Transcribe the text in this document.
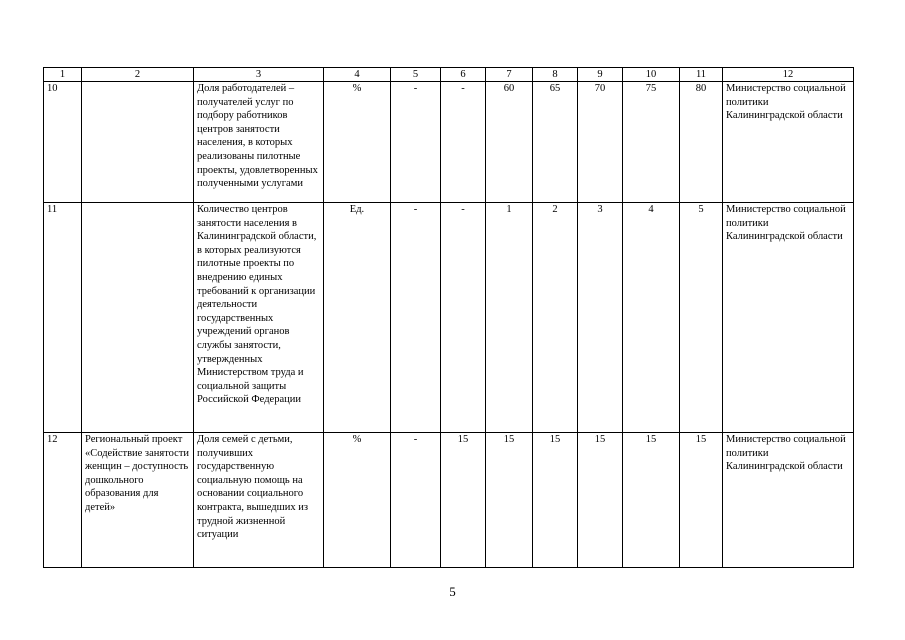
1	2	3	4	5	6	7	8	9	10	11	12
10		Доля работодателей – получателей услуг по подбору работников центров занятости населения, в которых реализованы пилотные проекты, удовлетворенных полученными услугами	%	-	-	60	65	70	75	80	Министерство социальной политики Калининградской области
11		Количество центров занятости населения в Калининградской области, в которых реализуются пилотные проекты по внедрению единых требований к организации деятельности государственных учреждений органов службы занятости, утвержденных Министерством труда и социальной защиты Российской Федерации	Ед.	-	-	1	2	3	4	5	Министерство социальной политики Калининградской области
12	Региональный проект «Содействие занятости женщин – доступность дошкольного образования для детей»	Доля семей с детьми, получивших государственную социальную помощь на основании социального контракта, вышедших из трудной жизненной ситуации	%	-	15	15	15	15	15	15	Министерство социальной политики Калининградской области
5
